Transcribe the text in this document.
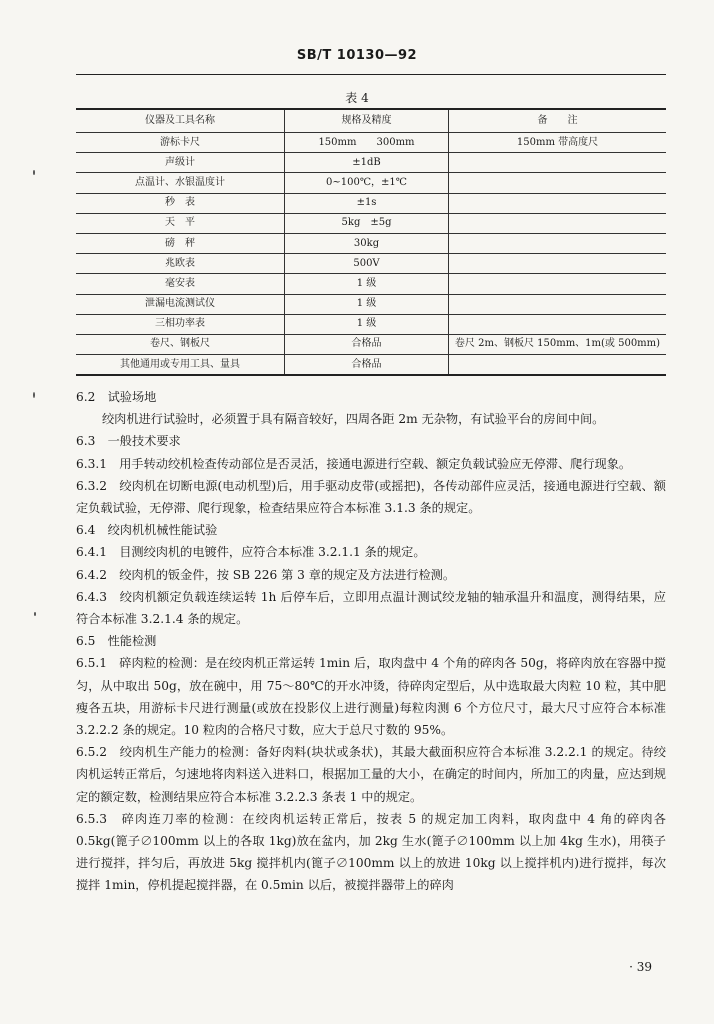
SB/T 10130—92
表 4
仪器及工具名称	规格及精度	备　　注
游标卡尺	150mm　　300mm	150mm 带高度尺
声级计	±1dB	
点温计、水银温度计	0~100℃，±1℃	
秒　表	±1s	
天　平	5kg　±5g	
磅　秤	30kg	
兆欧表	500V	
毫安表	1 级	
泄漏电流测试仪	1 级	
三相功率表	1 级	
卷尺、钢板尺	合格品	卷尺 2m、钢板尺 150mm、1m(或 500mm)
其他通用或专用工具、量具	合格品	

6.2　试验场地

绞肉机进行试验时，必须置于具有隔音较好，四周各距 2m 无杂物，有试验平台的房间中间。

6.3　一般技术要求

6.3.1　用手转动绞机检查传动部位是否灵活，接通电源进行空载、额定负载试验应无停滞、爬行现象。

6.3.2　绞肉机在切断电源(电动机型)后，用手驱动皮带(或摇把)，各传动部件应灵活，接通电源进行空载、额定负载试验，无停滞、爬行现象，检查结果应符合本标准 3.1.3 条的规定。

6.4　绞肉机机械性能试验

6.4.1　目测绞肉机的电镀件，应符合本标准 3.2.1.1 条的规定。

6.4.2　绞肉机的钣金件，按 SB 226 第 3 章的规定及方法进行检测。

6.4.3　绞肉机额定负载连续运转 1h 后停车后，立即用点温计测试绞龙轴的轴承温升和温度，测得结果，应符合本标准 3.2.1.4 条的规定。

6.5　性能检测

6.5.1　碎肉粒的检测：是在绞肉机正常运转 1min 后，取肉盘中 4 个角的碎肉各 50g，将碎肉放在容器中搅匀，从中取出 50g，放在碗中，用 75～80℃的开水冲烫，待碎肉定型后，从中选取最大肉粒 10 粒，其中肥瘦各五块，用游标卡尺进行测量(或放在投影仪上进行测量)每粒肉测 6 个方位尺寸，最大尺寸应符合本标准 3.2.2.2 条的规定。10 粒肉的合格尺寸数，应大于总尺寸数的 95%。

6.5.2　绞肉机生产能力的检测：备好肉料(块状或条状)，其最大截面积应符合本标准 3.2.2.1 的规定。待绞肉机运转正常后，匀速地将肉料送入进料口，根据加工量的大小，在确定的时间内，所加工的肉量，应达到规定的额定数，检测结果应符合本标准 3.2.2.3 条表 1 中的规定。

6.5.3　碎肉连刀率的检测：在绞肉机运转正常后，按表 5 的规定加工肉料，取肉盘中 4 角的碎肉各 0.5kg(篦子∅100mm 以上的各取 1kg)放在盆内，加 2kg 生水(篦子∅100mm 以上加 4kg 生水)，用筷子进行搅拌，拌匀后，再放进 5kg 搅拌机内(篦子∅100mm 以上的放进 10kg 以上搅拌机内)进行搅拌，每次搅拌 1min，停机提起搅拌器，在 0.5min 以后，被搅拌器带上的碎肉

· 39
